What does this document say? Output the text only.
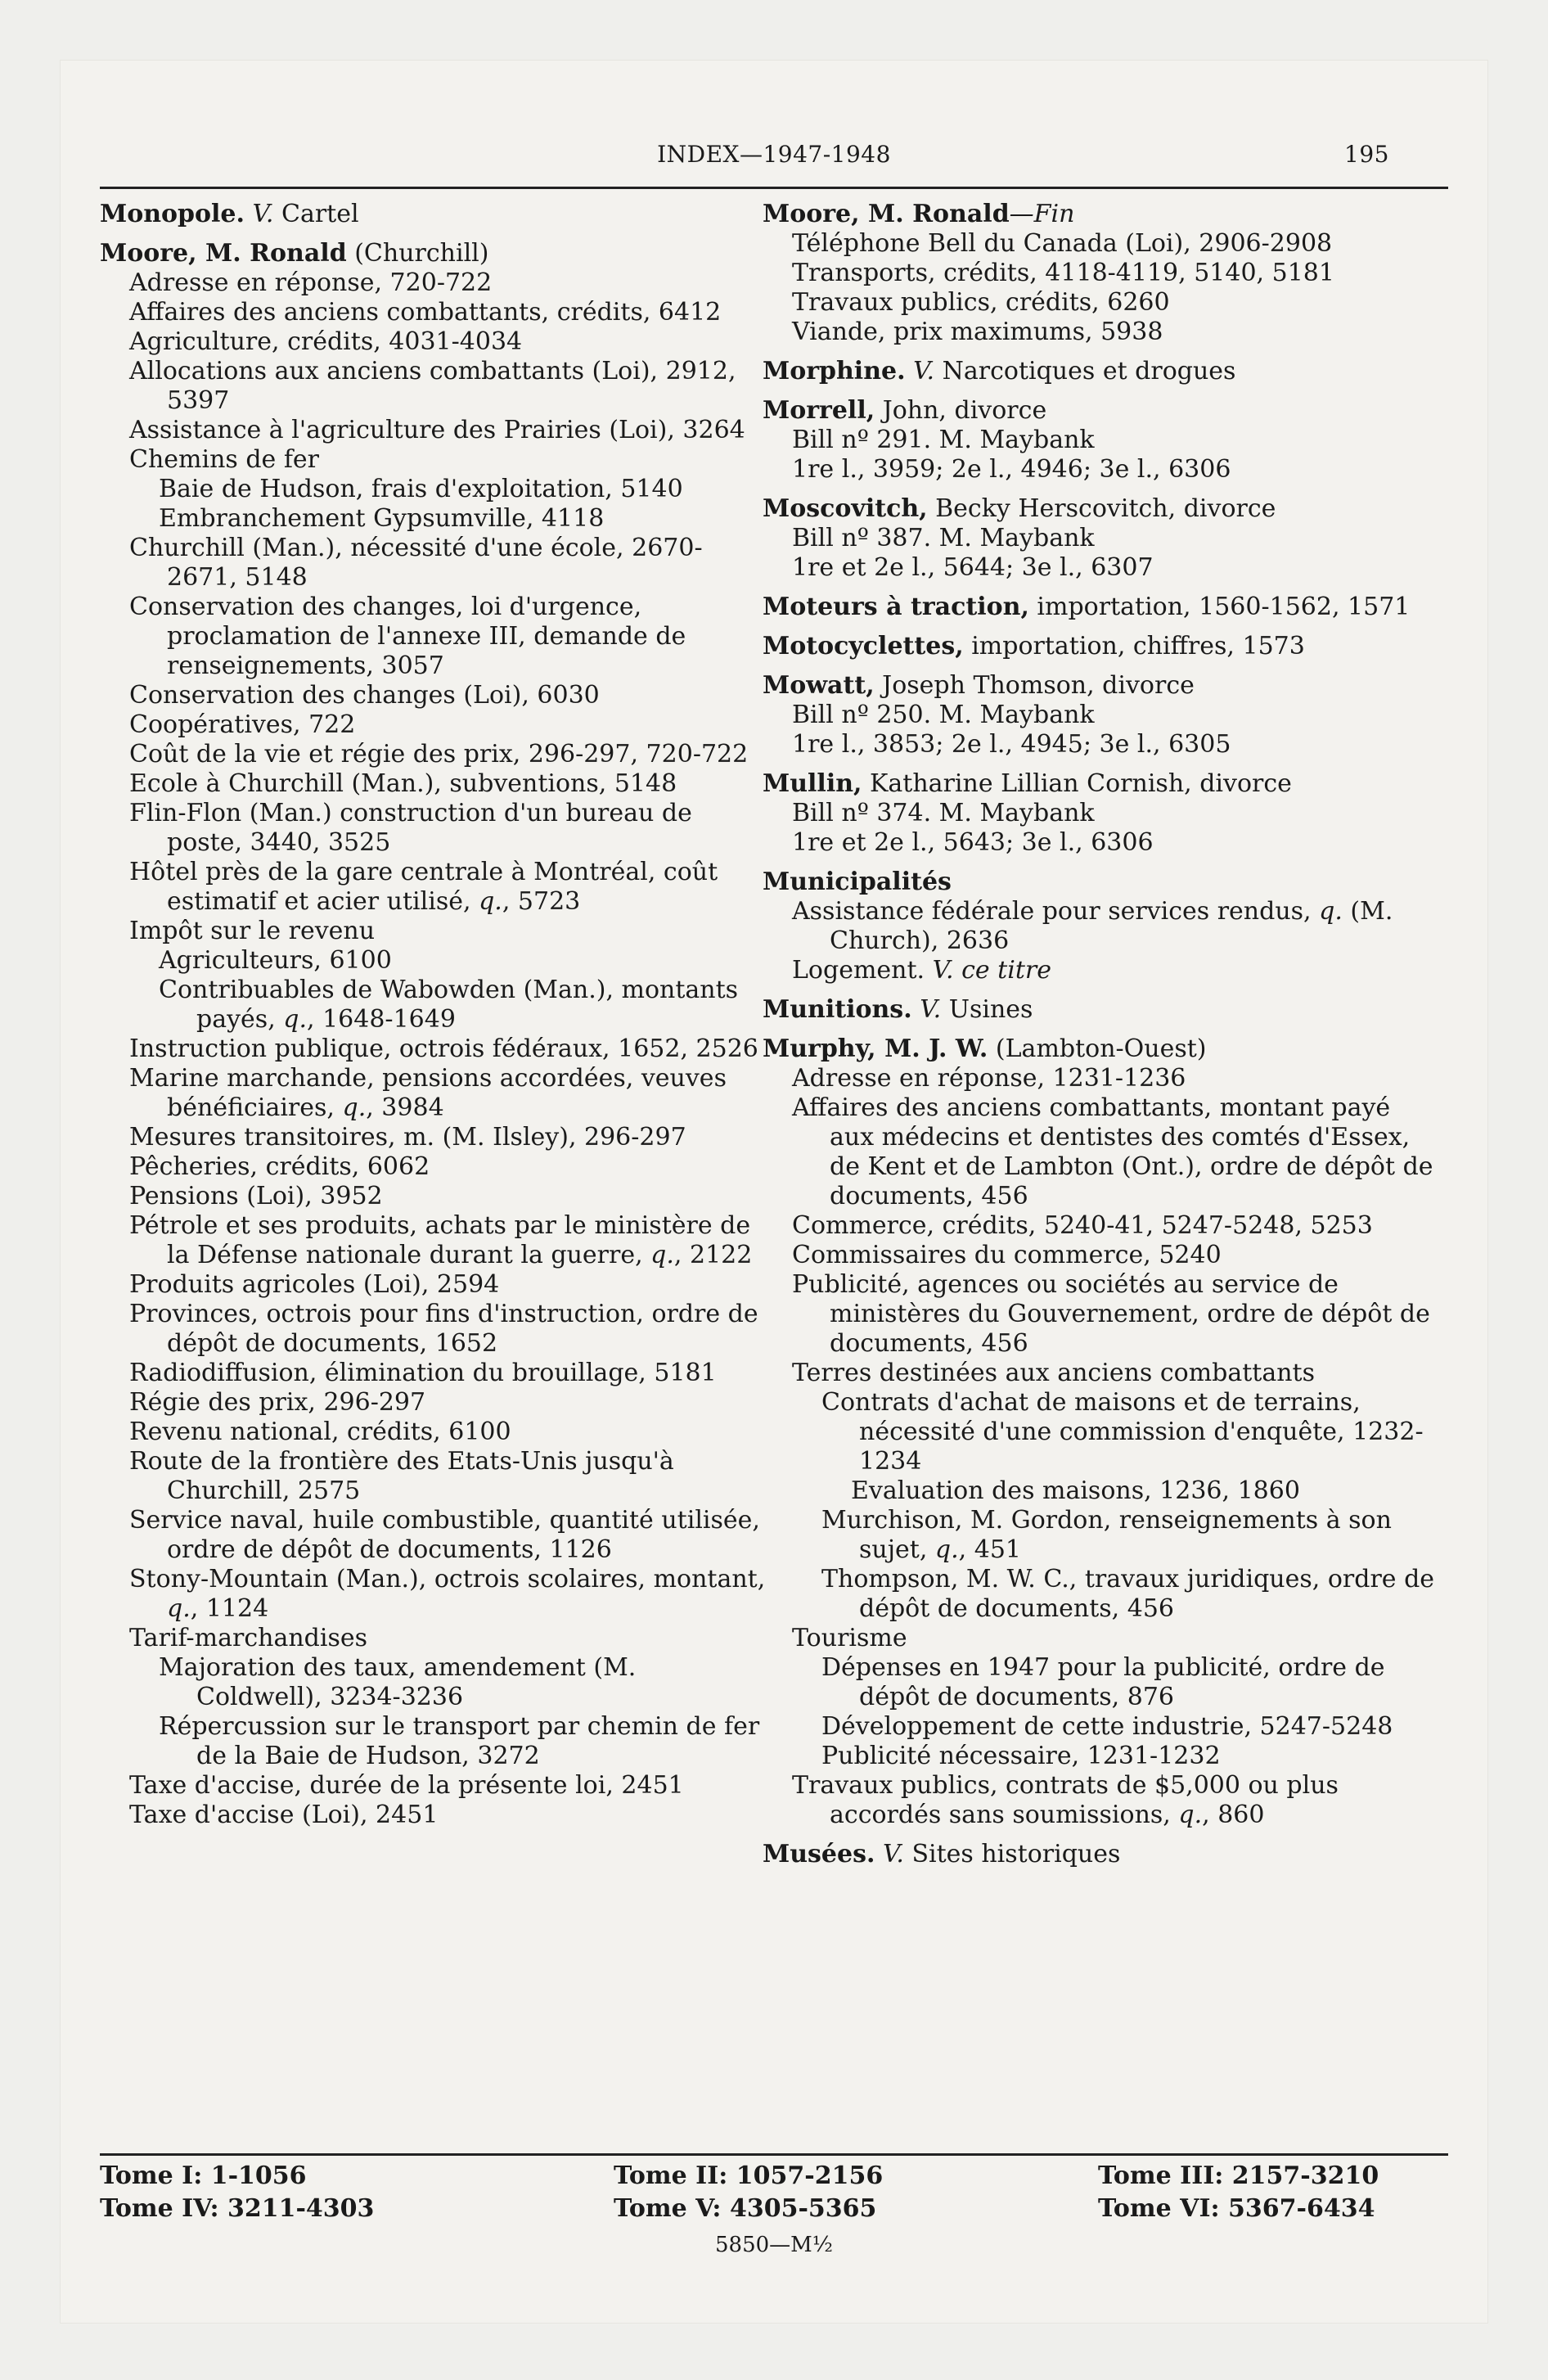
INDEX—1947-1948	195
Monopole. V. Cartel
Moore, M. Ronald (Churchill)
Adresse en réponse, 720-722
Affaires des anciens combattants, crédits, 6412
Agriculture, crédits, 4031-4034
Allocations aux anciens combattants (Loi), 2912, 5397
Assistance à l'agriculture des Prairies (Loi), 3264
Chemins de fer
Baie de Hudson, frais d'exploitation, 5140
Embranchement Gypsumville, 4118
Churchill (Man.), nécessité d'une école, 2670-2671, 5148
Conservation des changes, loi d'urgence, proclamation de l'annexe III, demande de renseignements, 3057
Conservation des changes (Loi), 6030
Coopératives, 722
Coût de la vie et régie des prix, 296-297, 720-722
Ecole à Churchill (Man.), subventions, 5148
Flin-Flon (Man.) construction d'un bureau de poste, 3440, 3525
Hôtel près de la gare centrale à Montréal, coût estimatif et acier utilisé, q., 5723
Impôt sur le revenu
Agriculteurs, 6100
Contribuables de Wabowden (Man.), montants payés, q., 1648-1649
Instruction publique, octrois fédéraux, 1652, 2526
Marine marchande, pensions accordées, veuves bénéficiaires, q., 3984
Mesures transitoires, m. (M. Ilsley), 296-297
Pêcheries, crédits, 6062
Pensions (Loi), 3952
Pétrole et ses produits, achats par le ministère de la Défense nationale durant la guerre, q., 2122
Produits agricoles (Loi), 2594
Provinces, octrois pour fins d'instruction, ordre de dépôt de documents, 1652
Radiodiffusion, élimination du brouillage, 5181
Régie des prix, 296-297
Revenu national, crédits, 6100
Route de la frontière des Etats-Unis jusqu'à Churchill, 2575
Service naval, huile combustible, quantité utilisée, ordre de dépôt de documents, 1126
Stony-Mountain (Man.), octrois scolaires, montant, q., 1124
Tarif-marchandises
Majoration des taux, amendement (M. Coldwell), 3234-3236
Répercussion sur le transport par chemin de fer de la Baie de Hudson, 3272
Taxe d'accise, durée de la présente loi, 2451
Taxe d'accise (Loi), 2451
Moore, M. Ronald—Fin
Téléphone Bell du Canada (Loi), 2906-2908
Transports, crédits, 4118-4119, 5140, 5181
Travaux publics, crédits, 6260
Viande, prix maximums, 5938
Morphine. V. Narcotiques et drogues
Morrell, John, divorce
Bill nº 291. M. Maybank
1re l., 3959; 2e l., 4946; 3e l., 6306
Moscovitch, Becky Herscovitch, divorce
Bill nº 387. M. Maybank
1re et 2e l., 5644; 3e l., 6307
Moteurs à traction, importation, 1560-1562, 1571
Motocyclettes, importation, chiffres, 1573
Mowatt, Joseph Thomson, divorce
Bill nº 250. M. Maybank
1re l., 3853; 2e l., 4945; 3e l., 6305
Mullin, Katharine Lillian Cornish, divorce
Bill nº 374. M. Maybank
1re et 2e l., 5643; 3e l., 6306
Municipalités
Assistance fédérale pour services rendus, q. (M. Church), 2636
Logement. V. ce titre
Munitions. V. Usines
Murphy, M. J. W. (Lambton-Ouest)
Adresse en réponse, 1231-1236
Affaires des anciens combattants, montant payé aux médecins et dentistes des comtés d'Essex, de Kent et de Lambton (Ont.), ordre de dépôt de documents, 456
Commerce, crédits, 5240-41, 5247-5248, 5253
Commissaires du commerce, 5240
Publicité, agences ou sociétés au service de ministères du Gouvernement, ordre de dépôt de documents, 456
Terres destinées aux anciens combattants
Contrats d'achat de maisons et de terrains, nécessité d'une commission d'enquête, 1232-1234
Evaluation des maisons, 1236, 1860
Murchison, M. Gordon, renseignements à son sujet, q., 451
Thompson, M. W. C., travaux juridiques, ordre de dépôt de documents, 456
Tourisme
Dépenses en 1947 pour la publicité, ordre de dépôt de documents, 876
Développement de cette industrie, 5247-5248
Publicité nécessaire, 1231-1232
Travaux publics, contrats de $5,000 ou plus accordés sans soumissions, q., 860
Musées. V. Sites historiques
Tome I: 1-1056	Tome II: 1057-2156	Tome III: 2157-3210
Tome IV: 3211-4303	Tome V: 4305-5365	Tome VI: 5367-6434
5850—M½
